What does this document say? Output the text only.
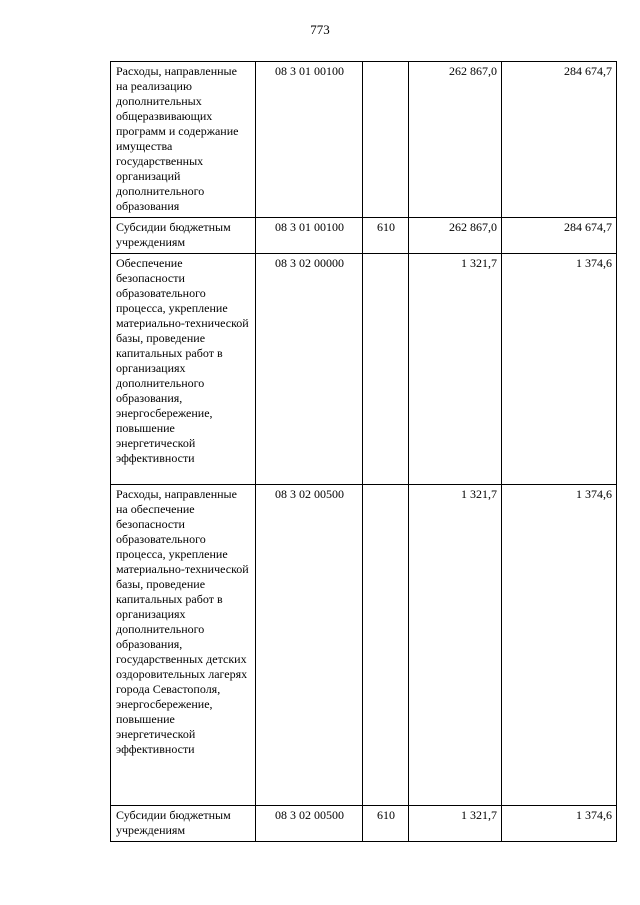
773
Расходы, направленные на реализацию дополнительных общеразвивающих программ и содержание имущества государственных организаций дополнительного образования	08 3 01 00100		262 867,0	284 674,7
Субсидии бюджетным учреждениям	08 3 01 00100	610	262 867,0	284 674,7
Обеспечение безопасности образовательного процесса, укрепление материально-технической базы, проведение капитальных работ в организациях дополнительного образования, энергосбережение, повышение энергетической эффективности	08 3 02 00000		1 321,7	1 374,6
Расходы, направленные на обеспечение безопасности образовательного процесса, укрепление материально-технической базы, проведение капитальных работ в организациях дополнительного образования, государственных детских оздоровительных лагерях города Севастополя, энергосбережение, повышение энергетической эффективности	08 3 02 00500		1 321,7	1 374,6
Субсидии бюджетным учреждениям	08 3 02 00500	610	1 321,7	1 374,6
